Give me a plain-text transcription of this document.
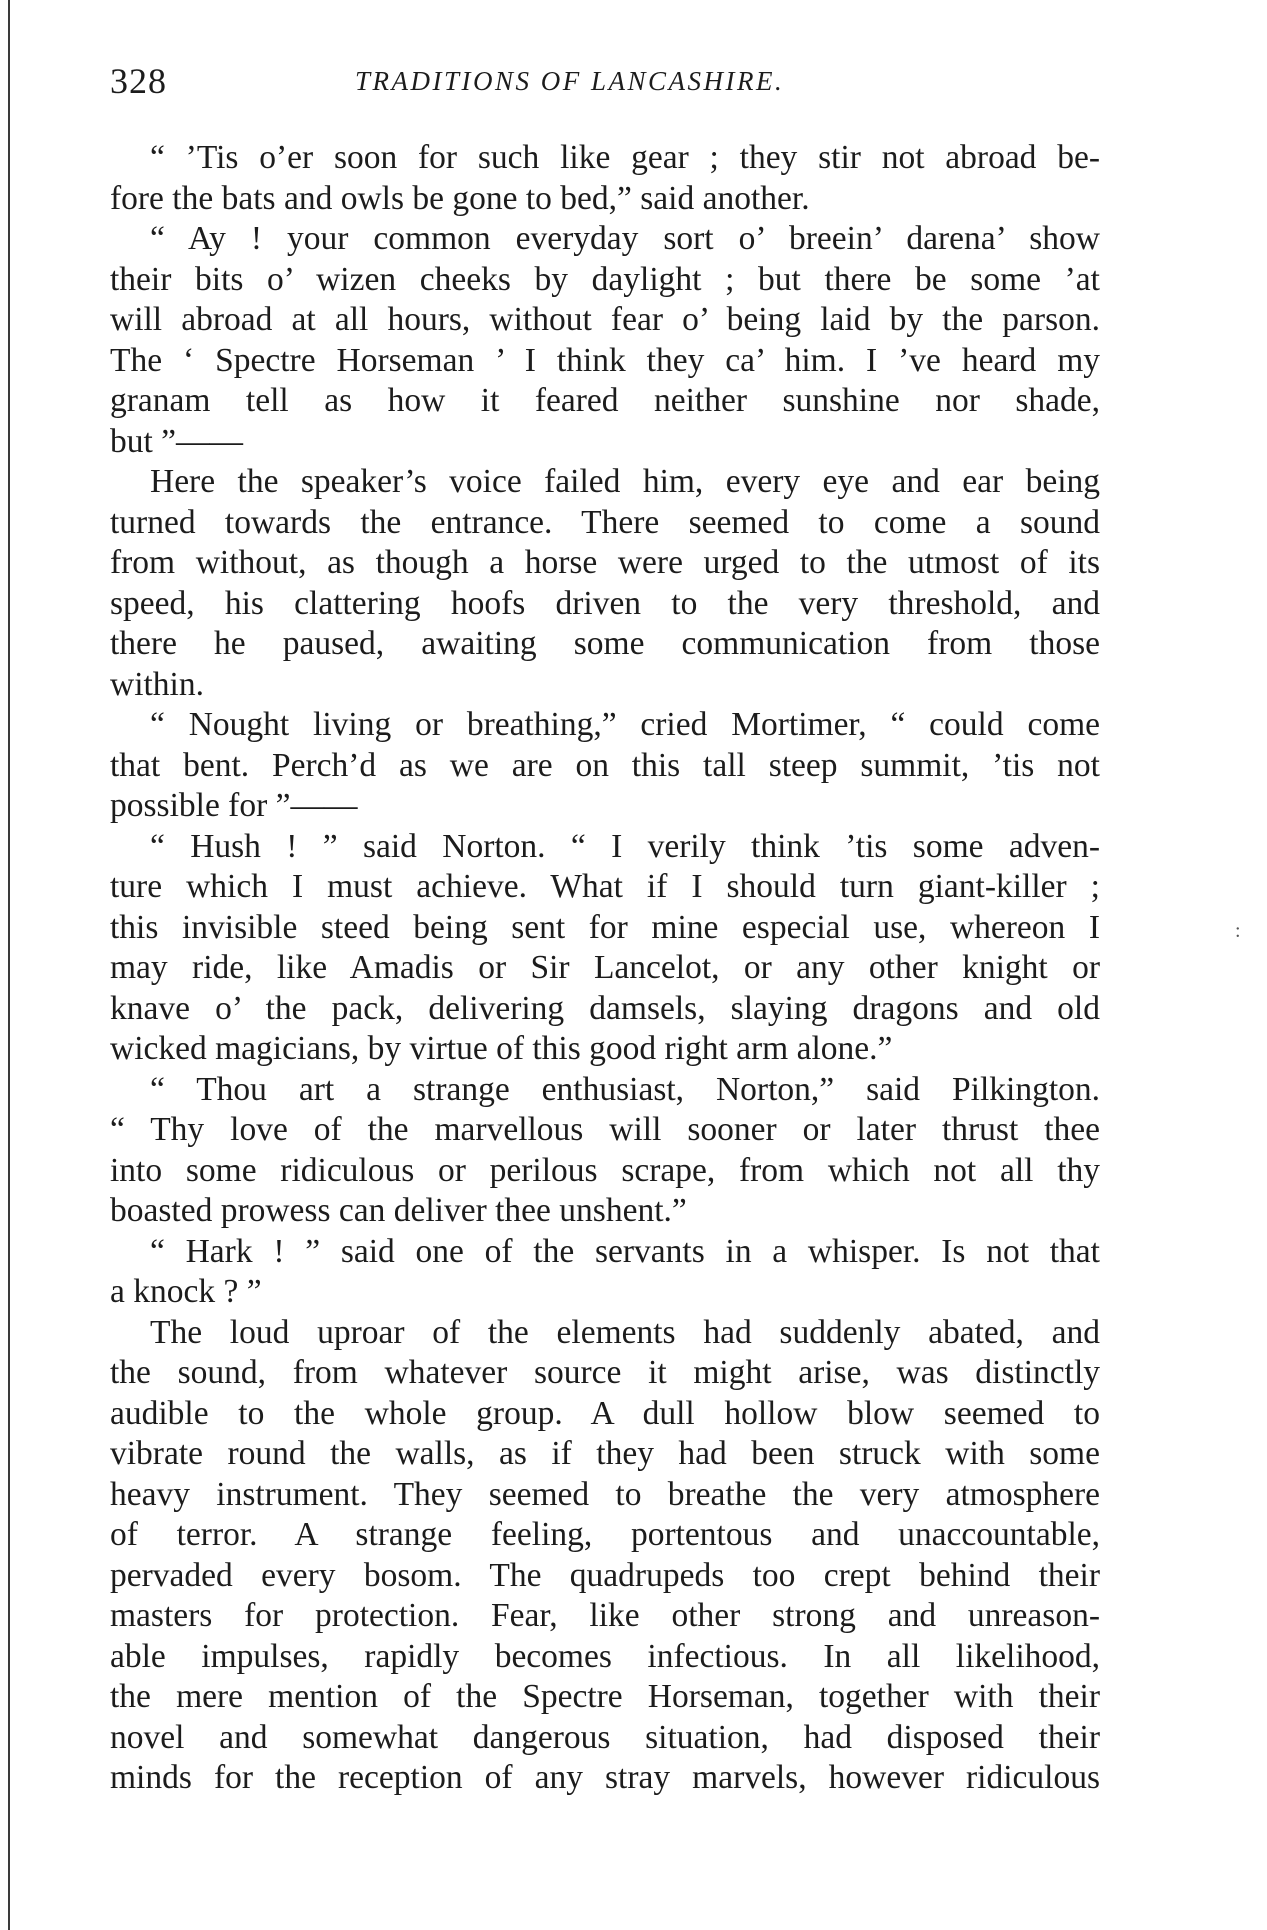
328	TRADITIONS OF LANCASHIRE.
“ ’Tis o’er soon for such like gear ; they stir not abroad be-
fore the bats and owls be gone to bed,” said another.
“ Ay ! your common everyday sort o’ breein’ darena’ show
their bits o’ wizen cheeks by daylight ; but there be some ’at
will abroad at all hours, without fear o’ being laid by the parson.
The ‘ Spectre Horseman ’ I think they ca’ him. I ’ve heard my
granam tell as how it feared neither sunshine nor shade,
but ”——
Here the speaker’s voice failed him, every eye and ear being
turned towards the entrance. There seemed to come a sound
from without, as though a horse were urged to the utmost of its
speed, his clattering hoofs driven to the very threshold, and
there he paused, awaiting some communication from those
within.
“ Nought living or breathing,” cried Mortimer, “ could come
that bent. Perch’d as we are on this tall steep summit, ’tis not
possible for ”——
“ Hush ! ” said Norton. “ I verily think ’tis some adven-
ture which I must achieve. What if I should turn giant-killer ;
this invisible steed being sent for mine especial use, whereon I
may ride, like Amadis or Sir Lancelot, or any other knight or
knave o’ the pack, delivering damsels, slaying dragons and old
wicked magicians, by virtue of this good right arm alone.”
“ Thou art a strange enthusiast, Norton,” said Pilkington.
“ Thy love of the marvellous will sooner or later thrust thee
into some ridiculous or perilous scrape, from which not all thy
boasted prowess can deliver thee unshent.”
“ Hark ! ” said one of the servants in a whisper. Is not that
a knock ? ”
The loud uproar of the elements had suddenly abated, and
the sound, from whatever source it might arise, was distinctly
audible to the whole group. A dull hollow blow seemed to
vibrate round the walls, as if they had been struck with some
heavy instrument. They seemed to breathe the very atmosphere
of terror. A strange feeling, portentous and unaccountable,
pervaded every bosom. The quadrupeds too crept behind their
masters for protection. Fear, like other strong and unreason-
able impulses, rapidly becomes infectious. In all likelihood,
the mere mention of the Spectre Horseman, together with their
novel and somewhat dangerous situation, had disposed their
minds for the reception of any stray marvels, however ridiculous
:
